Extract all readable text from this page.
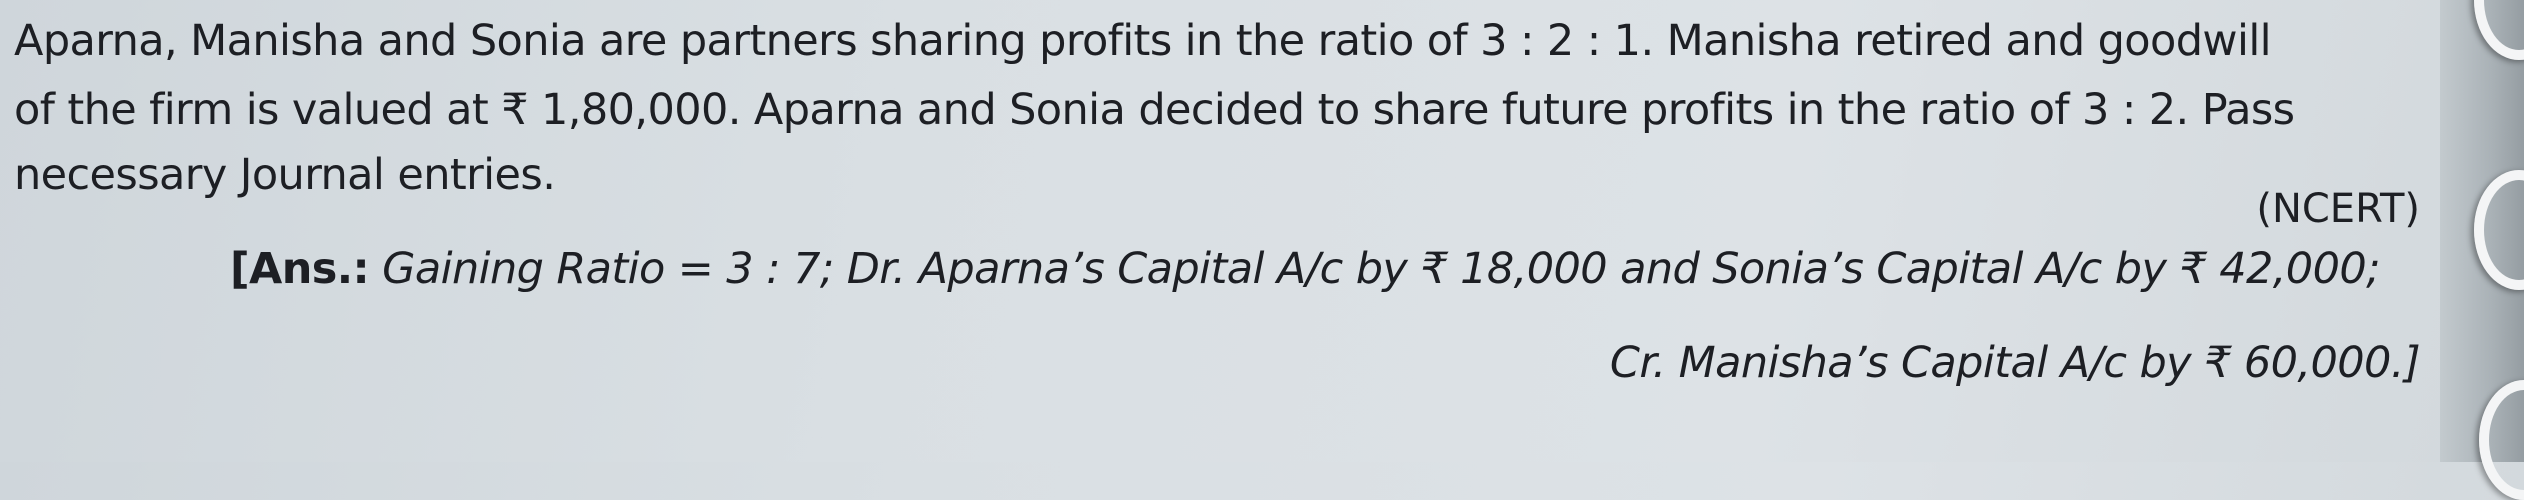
Aparna, Manisha and Sonia are partners sharing profits in the ratio of 3 : 2 : 1. Manisha retired and goodwill
of the firm is valued at ₹ 1,80,000. Aparna and Sonia decided to share future profits in the ratio of 3 : 2. Pass
necessary Journal entries.
(NCERT)
[Ans.: Gaining Ratio = 3 : 7; Dr. Aparna’s Capital A/c by ₹ 18,000 and Sonia’s Capital A/c by ₹ 42,000;
Cr. Manisha’s Capital A/c by ₹ 60,000.]
